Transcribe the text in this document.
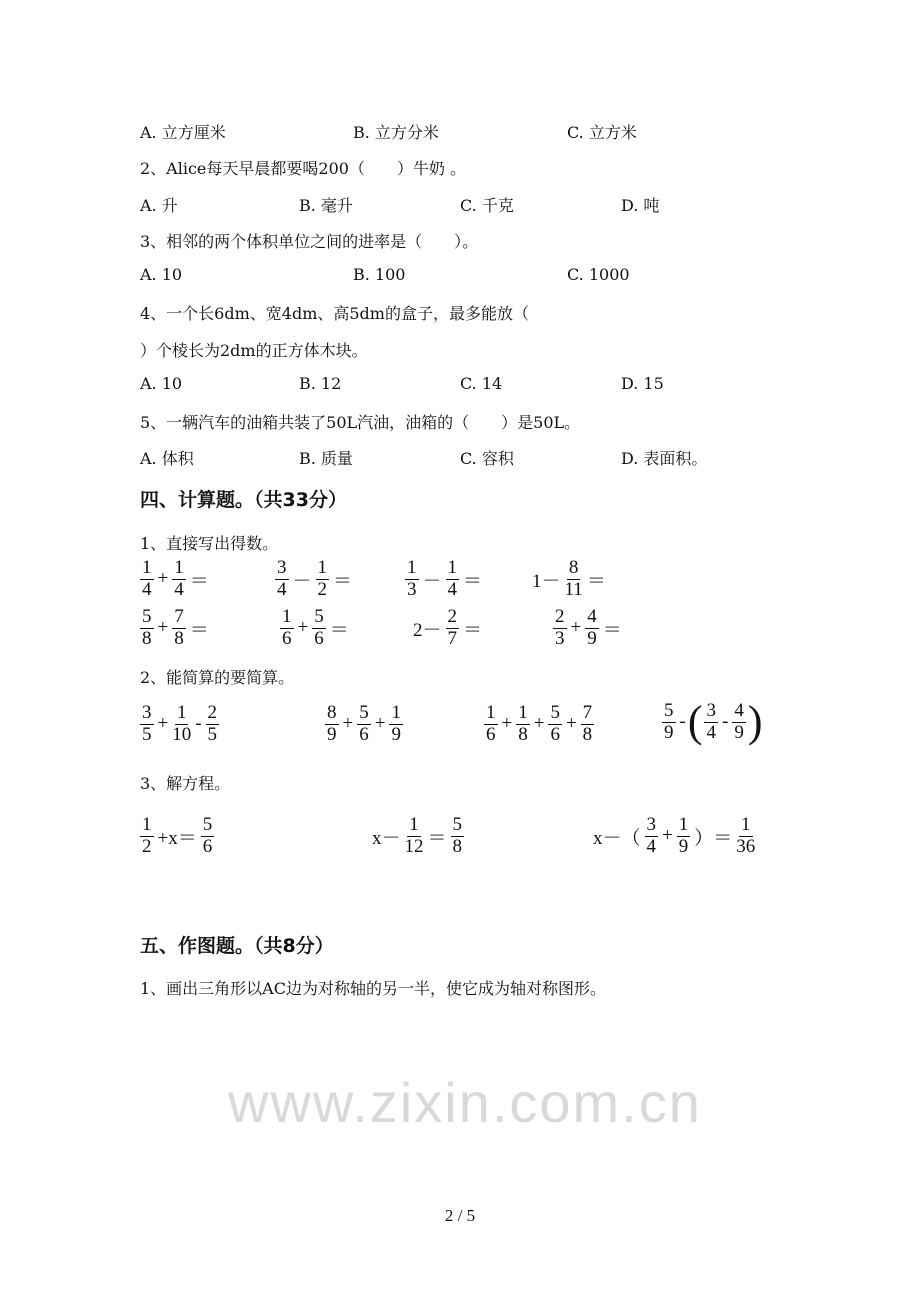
www.zixin.com.cn
A. 立方厘米	B. 立方分米	C. 立方米
2、Alice每天早晨都要喝200（　　）牛奶 。
A. 升	B. 毫升	C. 千克	D. 吨
3、相邻的两个体积单位之间的进率是（　　）。
A. 10	B. 100	C. 1000
4、一个长6dm、宽4dm、高5dm的盒子，最多能放（
）个棱长为2dm的正方体木块。
A. 10	B. 12	C. 14	D. 15
5、一辆汽车的油箱共装了50L汽油，油箱的（　　）是50L。
A. 体积	B. 质量	C. 容积	D. 表面积。
四、计算题。（共33分）
1、直接写出得数。
2、能简算的要简算。
3、解方程。
五、作图题。（共8分）
1、画出三角形以AC边为对称轴的另一半，使它成为轴对称图形。
2 / 5
$\frac{1}{4} + \frac{1}{4}$ ＝	$\frac{3}{4} - \frac{1}{2}$ ＝	$\frac{1}{3} - \frac{1}{4}$ ＝	$1- \frac{8}{11}$ ＝
$\frac{5}{8} + \frac{7}{8}$ ＝	$\frac{1}{6} + \frac{5}{6}$ ＝	$2- \frac{2}{7}$ ＝	$\frac{2}{3} + \frac{4}{9}$ ＝
$\frac{3}{5} + \frac{1}{10} - \frac{2}{5}$	$\frac{8}{9} + \frac{5}{6} + \frac{1}{9}$	$\frac{1}{6} + \frac{1}{8} + \frac{5}{6} + \frac{7}{8}$	$\frac{5}{9}$ - ( $\frac{3}{4} - \frac{4}{9}$ )
$\frac{1}{2} +x= \frac{5}{6}$	$x- \frac{1}{12} = \frac{5}{8}$	$x-( \frac{3}{4} + \frac{1}{9}$ ）＝ $\frac{1}{36}$
